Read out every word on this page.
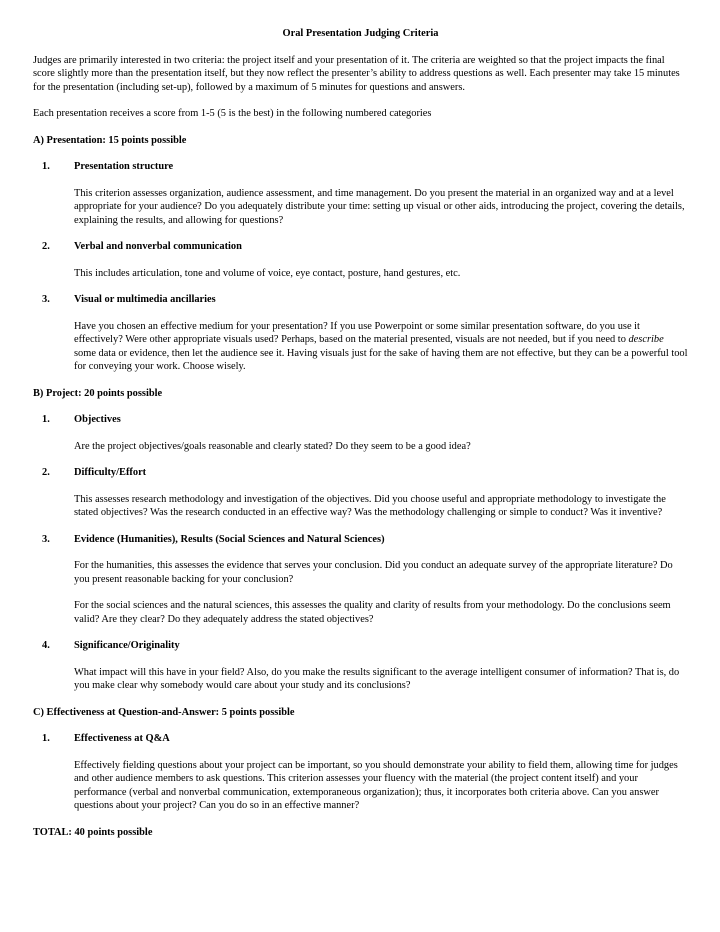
Oral Presentation Judging Criteria

Judges are primarily interested in two criteria: the project itself and your presentation of it. The criteria are weighted so that the project impacts the final score slightly more than the presentation itself, but they now reflect the presenter’s ability to address questions as well. Each presenter may take 15 minutes for the presentation (including set-up), followed by a maximum of 5 minutes for questions and answers.

Each presentation receives a score from 1-5 (5 is the best) in the following numbered categories

A) Presentation: 15 points possible

1. Presentation structure

This criterion assesses organization, audience assessment, and time management. Do you present the material in an organized way and at a level appropriate for your audience? Do you adequately distribute your time: setting up visual or other aids, introducing the project, covering the details, explaining the results, and allowing for questions?

2. Verbal and nonverbal communication

This includes articulation, tone and volume of voice, eye contact, posture, hand gestures, etc.

3. Visual or multimedia ancillaries

Have you chosen an effective medium for your presentation? If you use Powerpoint or some similar presentation software, do you use it effectively? Were other appropriate visuals used? Perhaps, based on the material presented, visuals are not needed, but if you need to describe some data or evidence, then let the audience see it. Having visuals just for the sake of having them are not effective, but they can be a powerful tool for conveying your work. Choose wisely.

B) Project: 20 points possible

1. Objectives

Are the project objectives/goals reasonable and clearly stated? Do they seem to be a good idea?

2. Difficulty/Effort

This assesses research methodology and investigation of the objectives. Did you choose useful and appropriate methodology to investigate the stated objectives? Was the research conducted in an effective way? Was the methodology challenging or simple to conduct? Was it inventive?

3. Evidence (Humanities), Results (Social Sciences and Natural Sciences)

For the humanities, this assesses the evidence that serves your conclusion. Did you conduct an adequate survey of the appropriate literature? Do you present reasonable backing for your conclusion?

For the social sciences and the natural sciences, this assesses the quality and clarity of results from your methodology. Do the conclusions seem valid? Are they clear? Do they adequately address the stated objectives?

4. Significance/Originality

What impact will this have in your field? Also, do you make the results significant to the average intelligent consumer of information? That is, do you make clear why somebody would care about your study and its conclusions?

C) Effectiveness at Question-and-Answer: 5 points possible

1. Effectiveness at Q&A

Effectively fielding questions about your project can be important, so you should demonstrate your ability to field them, allowing time for judges and other audience members to ask questions. This criterion assesses your fluency with the material (the project content itself) and your performance (verbal and nonverbal communication, extemporaneous organization); thus, it incorporates both criteria above. Can you answer questions about your project? Can you do so in an effective manner?

TOTAL: 40 points possible
